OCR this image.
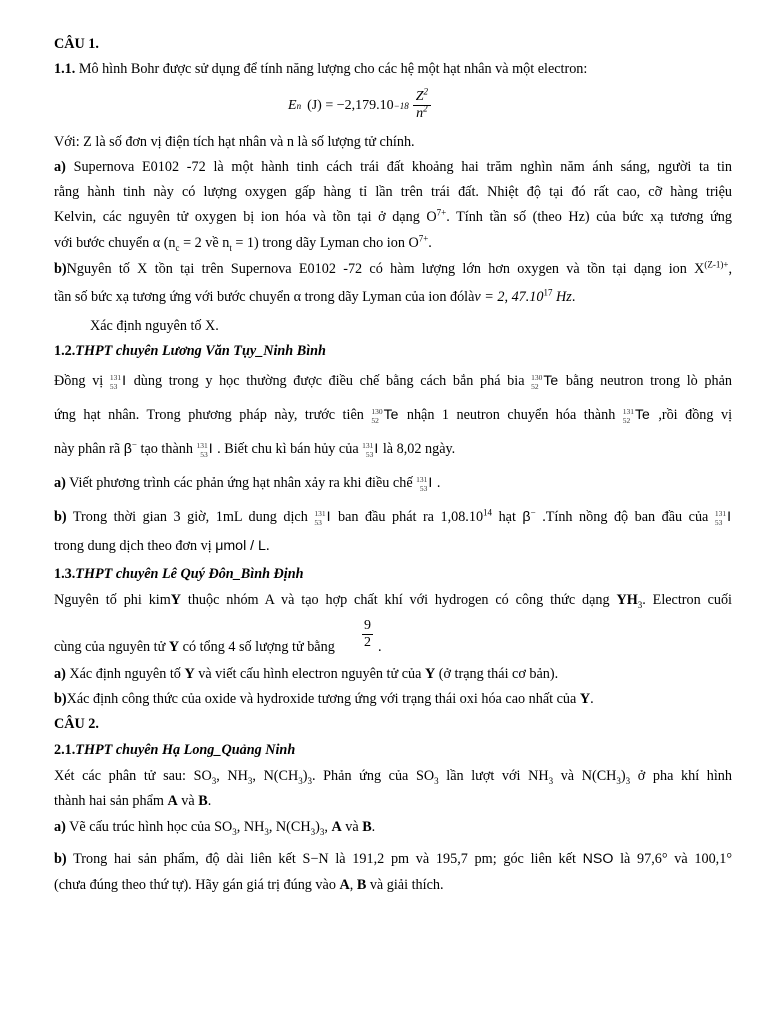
CÂU 1.
1.1. Mô hình Bohr được sử dụng để tính năng lượng cho các hệ một hạt nhân và một electron:
E n $(J) = -2,179.10 -18 \frac{Z^2}{n^2}$
Với: Z là số đơn vị điện tích hạt nhân và n là số lượng tử chính.
a) Supernova E0102 -72 là một hành tinh cách trái đất khoảng hai trăm nghìn năm ánh sáng, người ta tin
rằng hành tinh này có lượng oxygen gấp hàng tỉ lần trên trái đất. Nhiệt độ tại đó rất cao, cỡ hàng triệu
Kelvin, các nguyên tử oxygen bị ion hóa và tồn tại ở dạng $O^{7+}$. Tính tần số (theo Hz) của bức xạ tương ứng
với bước chuyển α ($n_c = 2$ về $n_t = 1$) trong dãy Lyman cho ion $O^{7+}$.
b)Nguyên tố X tồn tại trên Supernova E0102 -72 có hàm lượng lớn hơn oxygen và tồn tại dạng ion $X^{(Z-1)+}$,
tần số bức xạ tương ứng với bước chuyển α trong dãy Lyman của ion đólàν = 2, 47.10$^{17}$ Hz.
Xác định nguyên tố X.
1.2.THPT chuyên Lương Văn Tụy_Ninh Bình
Đồng vị 131
53 I dùng trong y học thường được điều chế bằng cách bắn phá bia 130
52 Te bằng neutron trong lò phản
ứng hạt nhân. Trong phương pháp này, trước tiên 130
52 Te nhận 1 neutron chuyển hóa thành 131
52 Te ,rồi đồng vị
này phân rã β− tạo thành 131
53 I . Biết chu kì bán hủy của 131
53 I là 8,02 ngày.
a) Viết phương trình các phản ứng hạt nhân xảy ra khi điều chế 131
53 I .
b) Trong thời gian 3 giờ, 1mL dung dịch 131
53 I ban đầu phát ra 1,08.10$^{14}$ hạt β− .Tính nồng độ ban đầu của 131
53 I
trong dung dịch theo đơn vị μmol / L.
1.3.THPT chuyên Lê Quý Đôn_Bình Định
Nguyên tố phi kimY thuộc nhóm A và tạo hợp chất khí với hydrogen có công thức dạng $YH_3$. Electron cuối
cùng của nguyên tử Y có tổng 4 số lượng tử bằng	$\frac{9}{2}$ .
a) Xác định nguyên tố Y và viết cấu hình electron nguyên tử của Y (ở trạng thái cơ bản).
b)Xác định công thức của oxide và hydroxide tương ứng với trạng thái oxi hóa cao nhất của Y.
CÂU 2.
2.1.THPT chuyên Hạ Long_Quảng Ninh
Xét các phân tử sau: $SO_3$, $NH_3$, $N(CH_3)_3$. Phản ứng của $SO_3$ lần lượt với $NH_3$ và $N(CH_3)_3$ ở pha khí hình
thành hai sản phẩm A và B.
a) Vẽ cấu trúc hình học của $SO_3$, $NH_3$, $N(CH_3)_3$, A và B.
b) Trong hai sản phẩm, độ dài liên kết S−N là 191,2 pm và 195,7 pm; góc liên kết NSO là 97,6° và 100,1°
(chưa đúng theo thứ tự). Hãy gán giá trị đúng vào A, B và giải thích.
